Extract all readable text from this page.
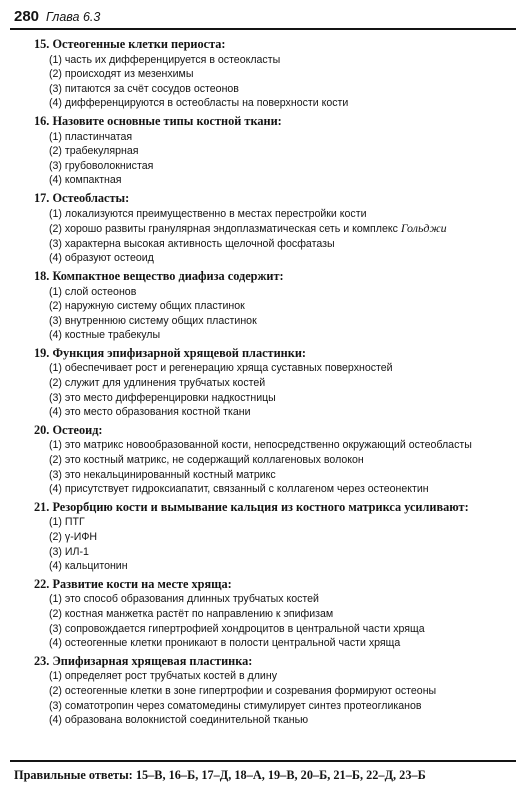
280 Глава 6.3
15. Остеогенные клетки периоста:
(1) часть их дифференцируется в остеокласты
(2) происходят из мезенхимы
(3) питаются за счёт сосудов остеонов
(4) дифференцируются в остеобласты на поверхности кости
16. Назовите основные типы костной ткани:
(1) пластинчатая
(2) трабекулярная
(3) грубоволокнистая
(4) компактная
17. Остеобласты:
(1) локализуются преимущественно в местах перестройки кости
(2) хорошо развиты гранулярная эндоплазматическая сеть и комплекс Гольджи
(3) характерна высокая активность щелочной фосфатазы
(4) образуют остеоид
18. Компактное вещество диафиза содержит:
(1) слой остеонов
(2) наружную систему общих пластинок
(3) внутреннюю систему общих пластинок
(4) костные трабекулы
19. Функция эпифизарной хрящевой пластинки:
(1) обеспечивает рост и регенерацию хряща суставных поверхностей
(2) служит для удлинения трубчатых костей
(3) это место дифференцировки надкостницы
(4) это место образования костной ткани
20. Остеоид:
(1) это матрикс новообразованной кости, непосредственно окружающий остеобласты
(2) это костный матрикс, не содержащий коллагеновых волокон
(3) это некальцинированный костный матрикс
(4) присутствует гидроксиапатит, связанный с коллагеном через остеонектин
21. Резорбцию кости и вымывание кальция из костного матрикса усиливают:
(1) ПТГ
(2) γ-ИФН
(3) ИЛ-1
(4) кальцитонин
22. Развитие кости на месте хряща:
(1) это способ образования длинных трубчатых костей
(2) костная манжетка растёт по направлению к эпифизам
(3) сопровождается гипертрофией хондроцитов в центральной части хряща
(4) остеогенные клетки проникают в полости центральной части хряща
23. Эпифизарная хрящевая пластинка:
(1) определяет рост трубчатых костей в длину
(2) остеогенные клетки в зоне гипертрофии и созревания формируют остеоны
(3) соматотропин через соматомедины стимулирует синтез протеогликанов
(4) образована волокнистой соединительной тканью
Правильные ответы: 15–В, 16–Б, 17–Д, 18–А, 19–В, 20–Б, 21–Б, 22–Д, 23–Б
